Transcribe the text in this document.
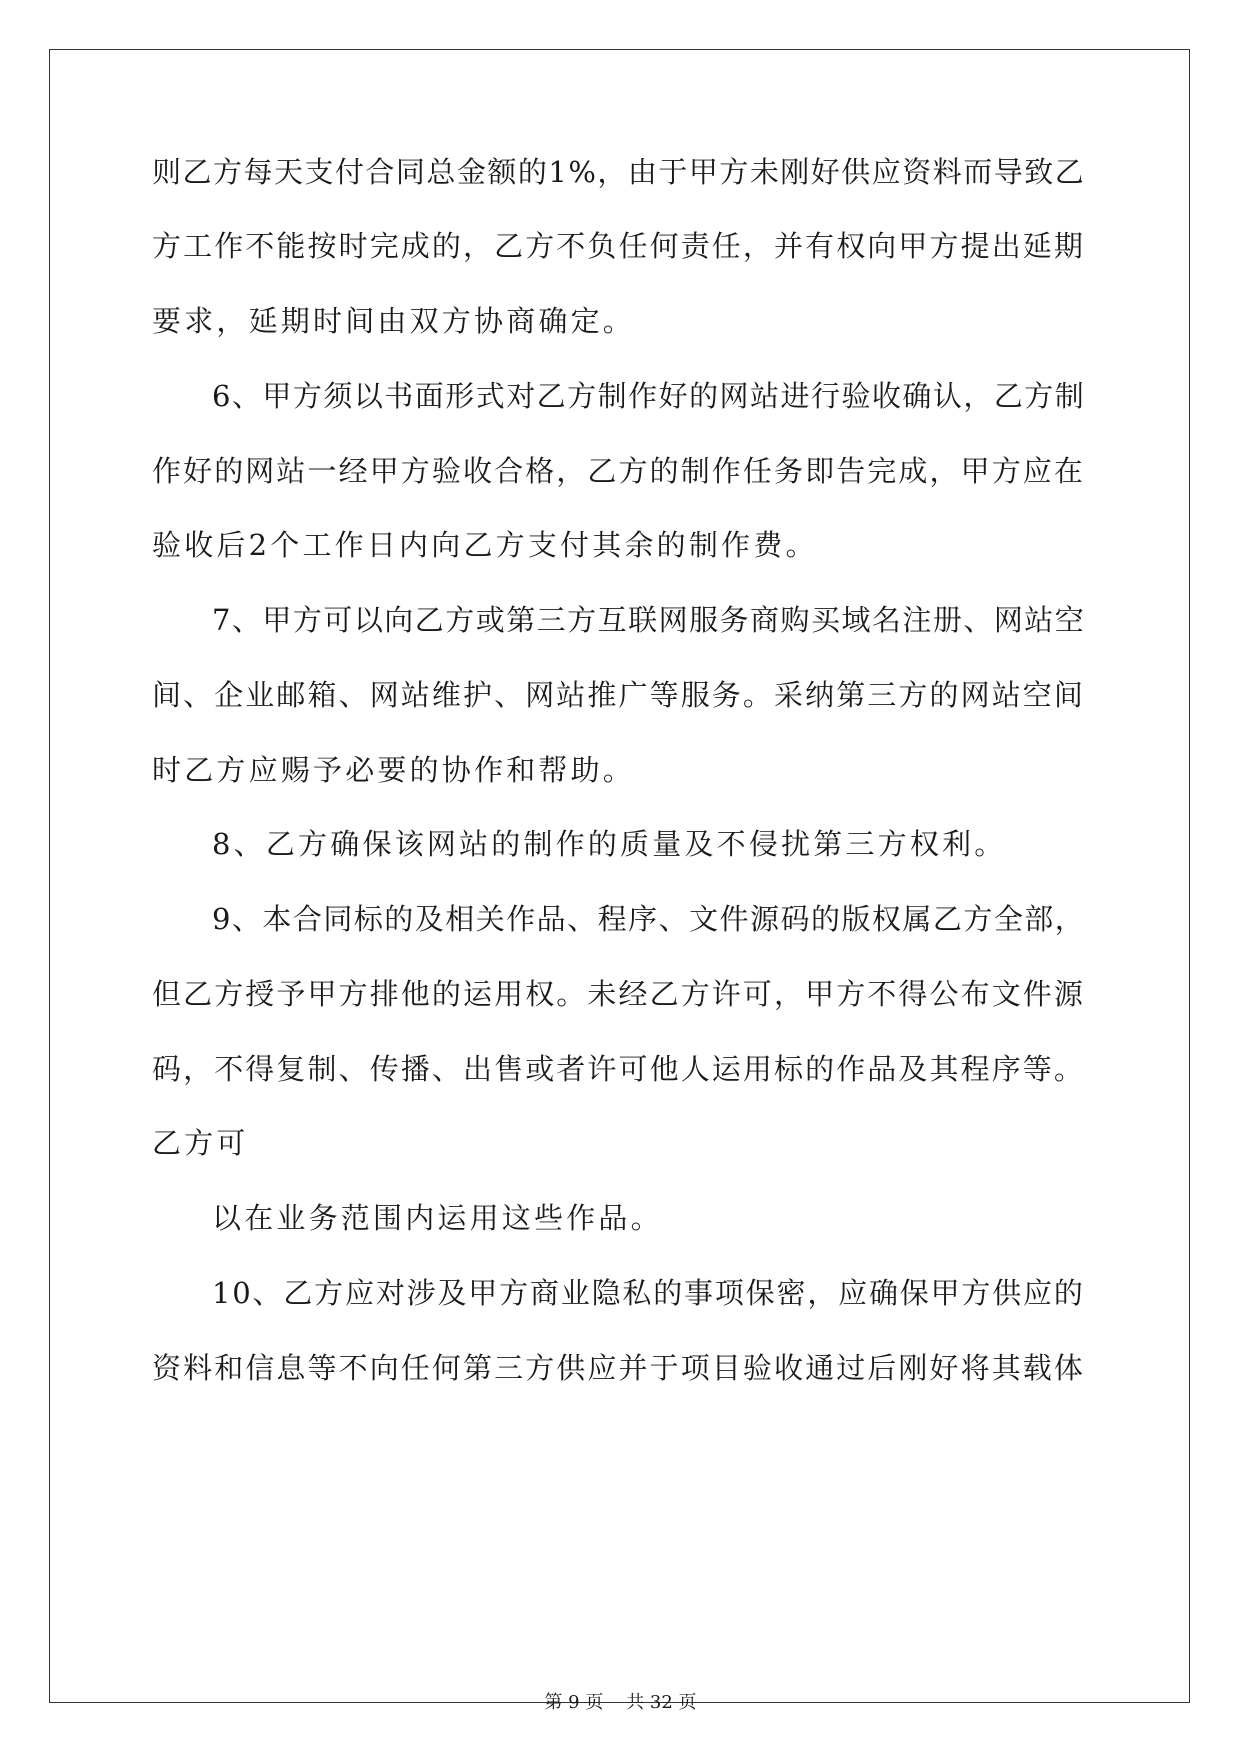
则乙方每天支付合同总金额的1%，由于甲方未刚好供应资料而导致乙
方工作不能按时完成的，乙方不负任何责任，并有权向甲方提出延期
要求，延期时间由双方协商确定。
6、甲方须以书面形式对乙方制作好的网站进行验收确认，乙方制
作好的网站一经甲方验收合格，乙方的制作任务即告完成，甲方应在
验收后2个工作日内向乙方支付其余的制作费。
7、甲方可以向乙方或第三方互联网服务商购买域名注册、网站空
间、企业邮箱、网站维护、网站推广等服务。采纳第三方的网站空间
时乙方应赐予必要的协作和帮助。
8、乙方确保该网站的制作的质量及不侵扰第三方权利。
9、本合同标的及相关作品、程序、文件源码的版权属乙方全部，
但乙方授予甲方排他的运用权。未经乙方许可，甲方不得公布文件源
码，不得复制、传播、出售或者许可他人运用标的作品及其程序等。
乙方可
以在业务范围内运用这些作品。
10、乙方应对涉及甲方商业隐私的事项保密，应确保甲方供应的
资料和信息等不向任何第三方供应并于项目验收通过后刚好将其载体
第 9 页    共 32 页
